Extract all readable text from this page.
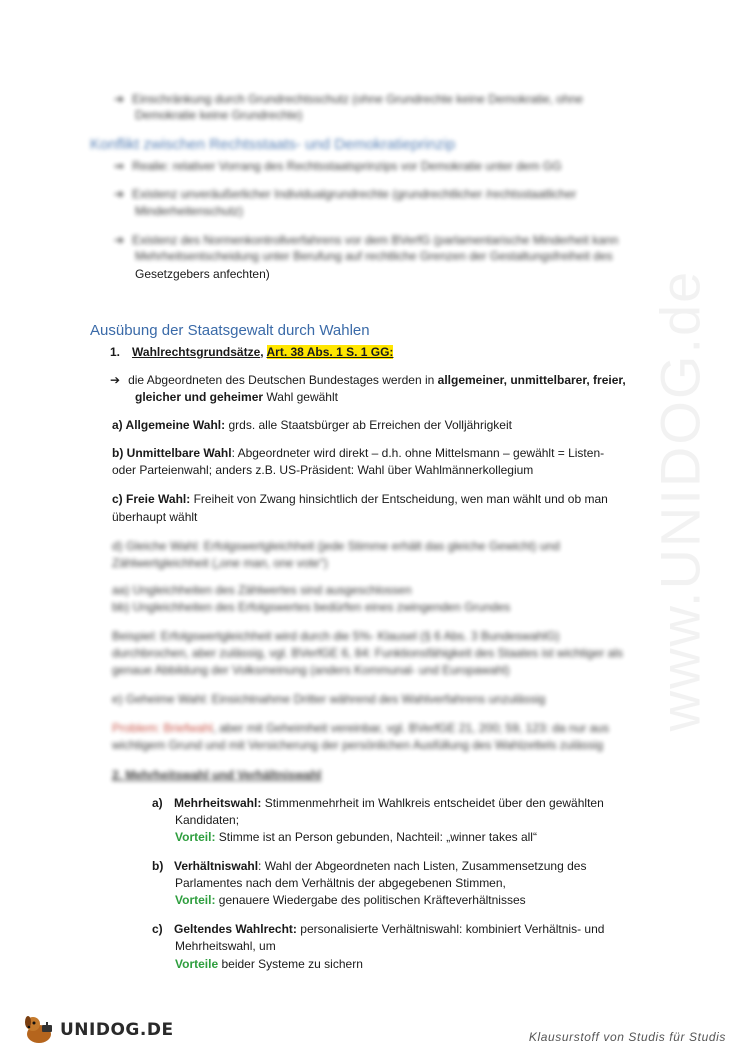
www.UNIDOG.de
➔ Einschränkung durch Grundrechtsschutz (ohne Grundrechte keine Demokratie, ohne
Demokratie keine Grundrechte)
Konflikt zwischen Rechtsstaats- und Demokratieprinzip
⇒ Realie: relativer Vorrang des Rechtsstaatsprinzips vor Demokratie unter dem GG
➔ Existenz unveräußerlicher Individualgrundrechte (grundrechtlicher /rechtsstaatlicher
Minderheitenschutz)
➔ Existenz des Normenkontrollverfahrens vor dem BVerfG (parlamentarische Minderheit kann
Mehrheitsentscheidung unter Berufung auf rechtliche Grenzen der Gestaltungsfreiheit des
Gesetzgebers anfechten)
Ausübung der Staatsgewalt durch Wahlen
1. Wahlrechtsgrundsätze, Art. 38 Abs. 1 S. 1 GG:
➔ die Abgeordneten des Deutschen Bundestages werden in allgemeiner, unmittelbarer, freier,
gleicher und geheimer Wahl gewählt
a) Allgemeine Wahl: grds. alle Staatsbürger ab Erreichen der Volljährigkeit
b) Unmittelbare Wahl: Abgeordneter wird direkt – d.h. ohne Mittelsmann – gewählt = Listen-
oder Parteienwahl; anders z.B. US-Präsident: Wahl über Wahlmännerkollegium
c) Freie Wahl: Freiheit von Zwang hinsichtlich der Entscheidung, wen man wählt und ob man
überhaupt wählt
d) Gleiche Wahl: Erfolgswertgleichheit (jede Stimme erhält das gleiche Gewicht) und
Zählwertgleichheit („one man, one vote")
aa) Ungleichheiten des Zählwertes sind ausgeschlossen
bb) Ungleichheiten des Erfolgswertes bedürfen eines zwingenden Grundes
Beispiel: Erfolgswertgleichheit wird durch die 5%- Klausel (§ 6 Abs. 3 BundeswahlG)
durchbrochen, aber zulässig, vgl. BVerfGE 6, 84: Funktionsfähigkeit des Staates ist wichtiger als
genaue Abbildung der Volksmeinung (anders Kommunal- und Europawahl)
e) Geheime Wahl: Einsichtnahme Dritter während des Wahlverfahrens unzulässig
Problem: Briefwahl, aber mit Geheimheit vereinbar, vgl. BVerfGE 21, 200; 59, 123: da nur aus
wichtigem Grund und mit Versicherung der persönlichen Ausfüllung des Wahlzettels zulässig
2. Mehrheitswahl und Verhältniswahl
a) Mehrheitswahl: Stimmenmehrheit im Wahlkreis entscheidet über den gewählten
Kandidaten;
Vorteil: Stimme ist an Person gebunden, Nachteil: „winner takes all“
b) Verhältniswahl: Wahl der Abgeordneten nach Listen, Zusammensetzung des
Parlamentes nach dem Verhältnis der abgegebenen Stimmen,
Vorteil: genauere Wiedergabe des politischen Kräfteverhältnisses
c) Geltendes Wahlrecht: personalisierte Verhältniswahl: kombiniert Verhältnis- und
Mehrheitswahl, um
Vorteile beider Systeme zu sichern
UNIDOG.DE	Klausurstoff von Studis für Studis
